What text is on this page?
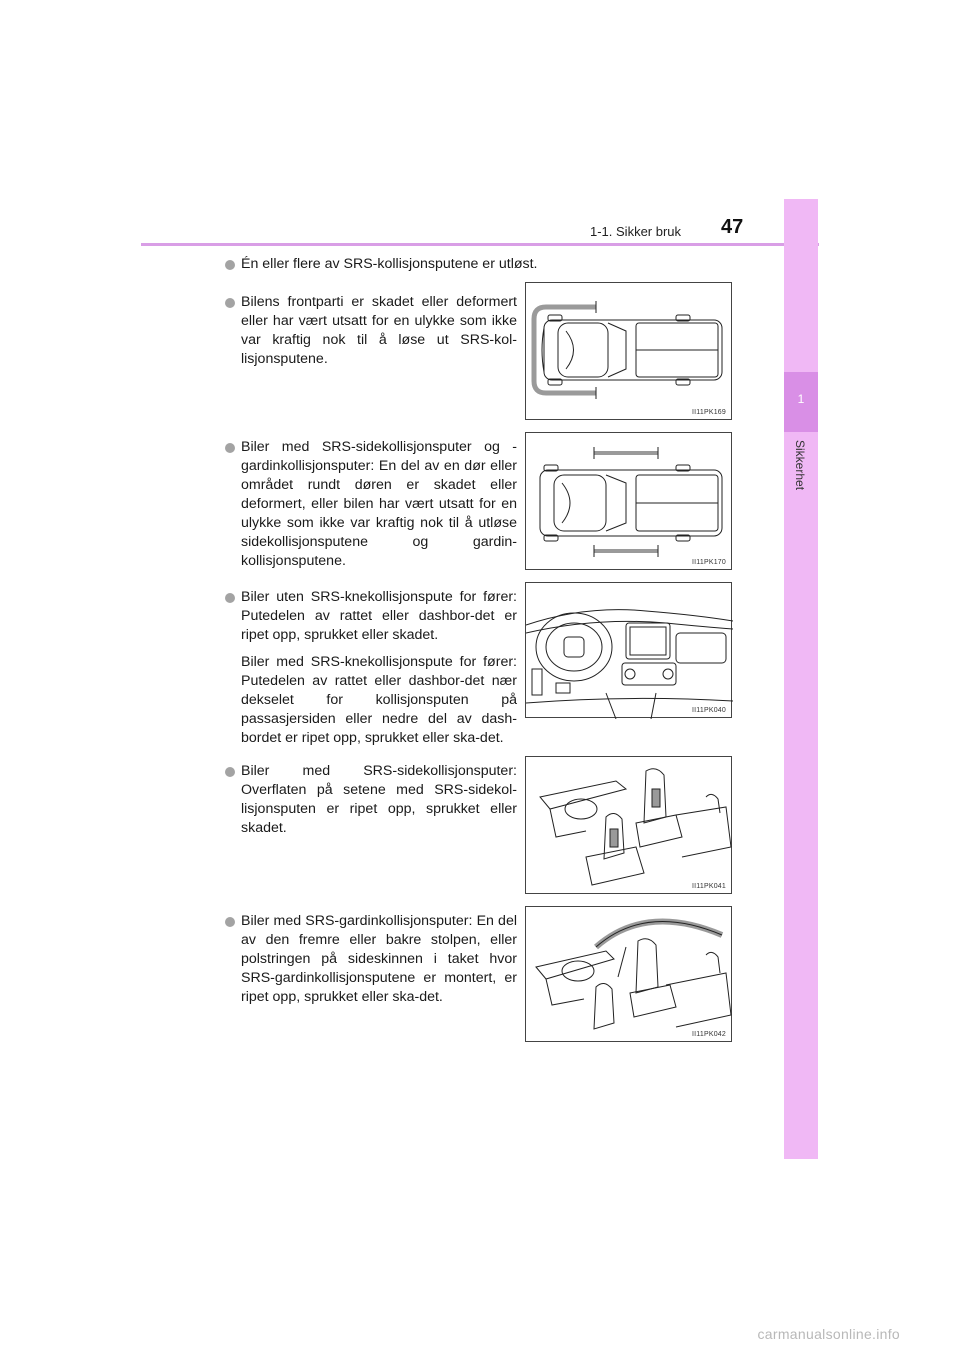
1-1. Sikker bruk 47
1
Sikkerhet

Én eller flere av SRS-kollisjonsputene er utløst.

Bilens frontparti er skadet eller deformert eller har vært utsatt for en ulykke som ikke var kraftig nok til å løse ut SRS-kol-lisjonsputene.

Biler med SRS-sidekollisjonsputer og -gardinkollisjonsputer: En del av en dør eller området rundt døren er skadet eller deformert, eller bilen har vært utsatt for en ulykke som ikke var kraftig nok til å utløse sidekollisjonsputene og gardin-kollisjonsputene.

Biler uten SRS-knekollisjonspute for fører: Putedelen av rattet eller dashbor-det er ripet opp, sprukket eller skadet.

Biler med SRS-knekollisjonspute for fører: Putedelen av rattet eller dashbor-det nær dekselet for kollisjonsputen på passasjersiden eller nedre del av dash-bordet er ripet opp, sprukket eller ska-det.

Biler med SRS-sidekollisjonsputer: Overflaten på setene med SRS-sidekol-lisjonsputen er ripet opp, sprukket eller skadet.

Biler med SRS-gardinkollisjonsputer: En del av den fremre eller bakre stolpen, eller polstringen på sideskinnen i taket hvor SRS-gardinkollisjonsputene er montert, er ripet opp, sprukket eller ska-det.

II11PK169
II11PK170
II11PK040
II11PK041
II11PK042
carmanualsonline.info
